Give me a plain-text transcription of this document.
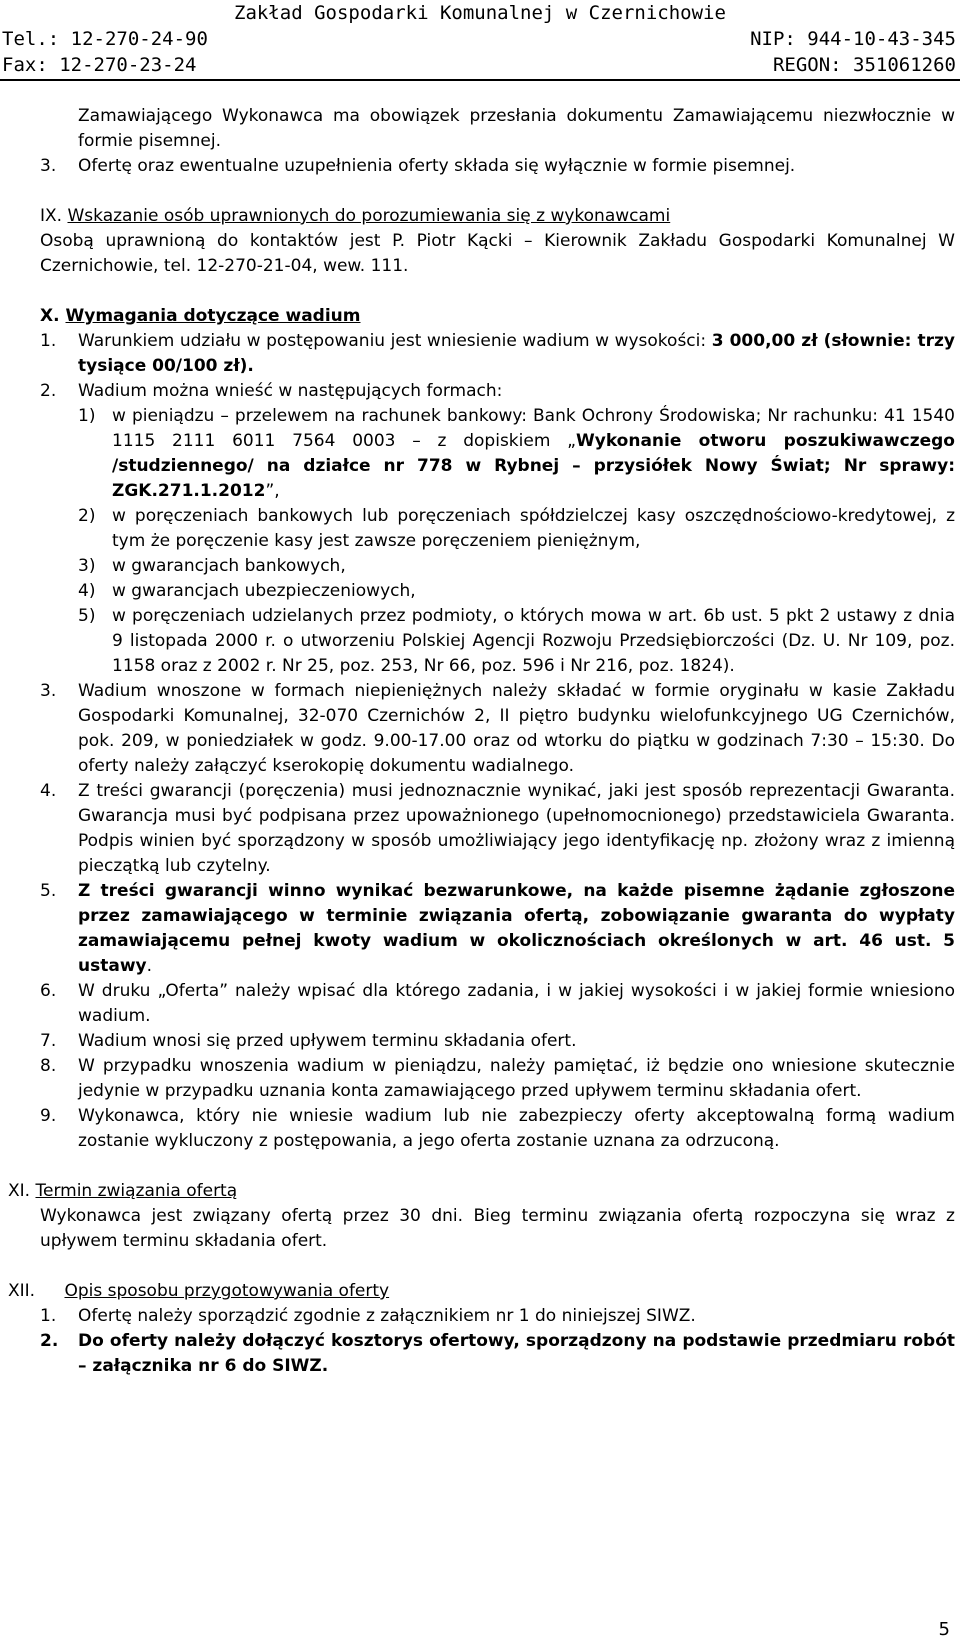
Zakład Gospodarki Komunalnej w Czernichowie
Tel.: 12-270-24-90	NIP: 944-10-43-345
Fax: 12-270-23-24	REGON: 351061260
Zamawiającego Wykonawca ma obowiązek przesłania dokumentu Zamawiającemu niezwłocznie w formie pisemnej.
3. Ofertę oraz ewentualne uzupełnienia oferty składa się wyłącznie w formie pisemnej.
IX. Wskazanie osób uprawnionych do porozumiewania się z wykonawcami
Osobą uprawnioną do kontaktów jest P. Piotr Kącki – Kierownik Zakładu Gospodarki Komunalnej W Czernichowie, tel. 12-270-21-04, wew. 111.
X. Wymagania dotyczące wadium
1. Warunkiem udziału w postępowaniu jest wniesienie wadium w wysokości: 3 000,00 zł (słownie: trzy tysiące 00/100 zł).
2. Wadium można wnieść w następujących formach:
1) w pieniądzu – przelewem na rachunek bankowy: Bank Ochrony Środowiska; Nr rachunku: 41 1540 1115 2111 6011 7564 0003 – z dopiskiem „Wykonanie otworu poszukiwawczego /studziennego/ na działce nr 778 w Rybnej – przysiółek Nowy Świat; Nr sprawy: ZGK.271.1.2012”,
2) w poręczeniach bankowych lub poręczeniach spółdzielczej kasy oszczędnościowo-kredytowej, z tym że poręczenie kasy jest zawsze poręczeniem pieniężnym,
3) w gwarancjach bankowych,
4) w gwarancjach ubezpieczeniowych,
5) w poręczeniach udzielanych przez podmioty, o których mowa w art. 6b ust. 5 pkt 2 ustawy z dnia 9 listopada 2000 r. o utworzeniu Polskiej Agencji Rozwoju Przedsiębiorczości (Dz. U. Nr 109, poz. 1158 oraz z 2002 r. Nr 25, poz. 253, Nr 66, poz. 596 i Nr 216, poz. 1824).
3. Wadium wnoszone w formach niepieniężnych należy składać w formie oryginału w kasie Zakładu Gospodarki Komunalnej, 32-070 Czernichów 2, II piętro budynku wielofunkcyjnego UG Czernichów, pok. 209, w poniedziałek w godz. 9.00-17.00 oraz od wtorku do piątku w godzinach 7:30 – 15:30. Do oferty należy załączyć kserokopię dokumentu wadialnego.
4. Z treści gwarancji (poręczenia) musi jednoznacznie wynikać, jaki jest sposób reprezentacji Gwaranta. Gwarancja musi być podpisana przez upoważnionego (upełnomocnionego) przedstawiciela Gwaranta. Podpis winien być sporządzony w sposób umożliwiający jego identyfikację np. złożony wraz z imienną pieczątką lub czytelny.
5. Z treści gwarancji winno wynikać bezwarunkowe, na każde pisemne żądanie zgłoszone przez zamawiającego w terminie związania ofertą, zobowiązanie gwaranta do wypłaty zamawiającemu pełnej kwoty wadium w okolicznościach określonych w art. 46 ust. 5 ustawy.
6. W druku „Oferta” należy wpisać dla którego zadania, i w jakiej wysokości i w jakiej formie wniesiono wadium.
7. Wadium wnosi się przed upływem terminu składania ofert.
8. W przypadku wnoszenia wadium w pieniądzu, należy pamiętać, iż będzie ono wniesione skutecznie jedynie w przypadku uznania konta zamawiającego przed upływem terminu składania ofert.
9. Wykonawca, który nie wniesie wadium lub nie zabezpieczy oferty akceptowalną formą wadium zostanie wykluczony z postępowania, a jego oferta zostanie uznana za odrzuconą.
XI. Termin związania ofertą
Wykonawca jest związany ofertą przez 30 dni. Bieg terminu związania ofertą rozpoczyna się wraz z upływem terminu składania ofert.
XII. Opis sposobu przygotowywania oferty
1. Ofertę należy sporządzić zgodnie z załącznikiem nr 1 do niniejszej SIWZ.
2. Do oferty należy dołączyć kosztorys ofertowy, sporządzony na podstawie przedmiaru robót – załącznika nr 6 do SIWZ.
5
